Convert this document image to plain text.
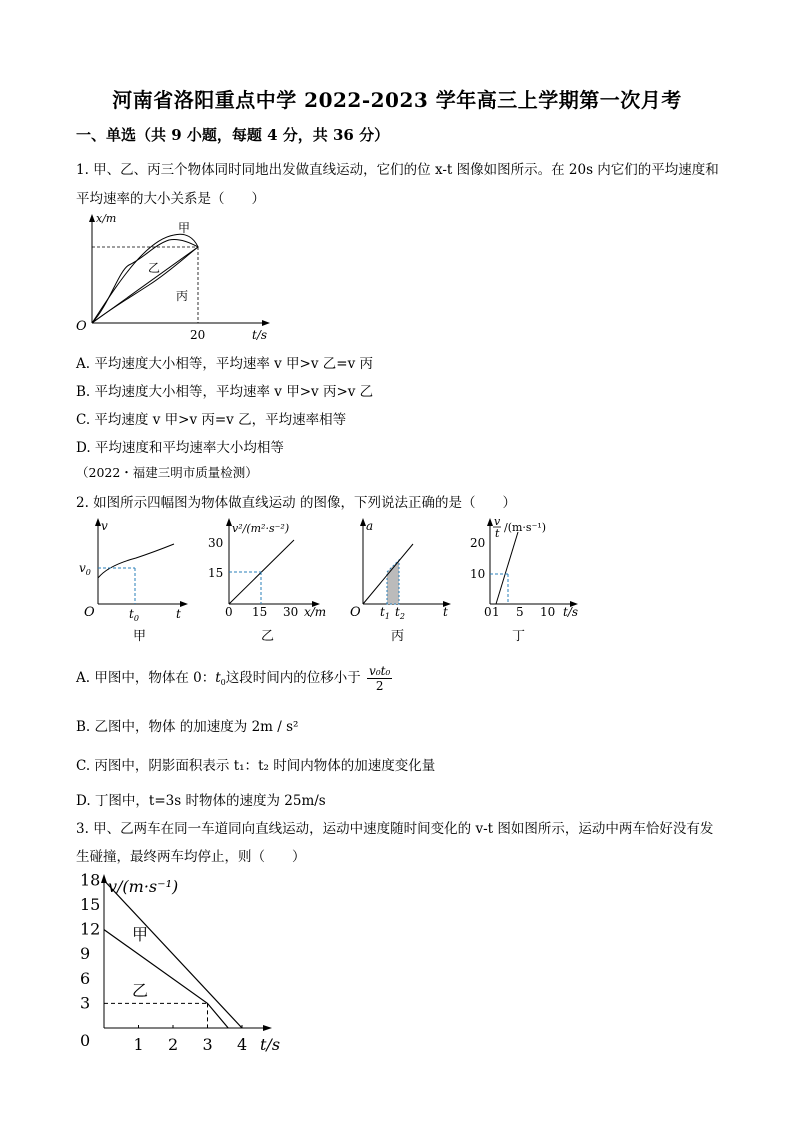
河南省洛阳重点中学 2022-2023 学年高三上学期第一次月考
一、单选（共 9 小题，每题 4 分，共 36 分）
1. 甲、乙、丙三个物体同时同地出发做直线运动，它们的位 x-t 图像如图所示。在 20s 内它们的平均速度和
平均速率的大小关系是（　　）
O
x/m
20	t/s
甲
乙
丙
A. 平均速度大小相等，平均速率 v 甲>v 乙=v 丙
B. 平均速度大小相等，平均速率 v 甲>v 丙>v 乙
C. 平均速度 v 甲>v 丙=v 乙，平均速率相等
D. 平均速度和平均速率大小均相等
（2022・福建三明市质量检测）
2. 如图所示四幅图为物体做直线运动 的图像，下列说法正确的是（　　）
v
$v_0$
O	$t_0$	t
甲
v²/(m²·s⁻²)
30
15
0 15 30 x/m
乙
a
O $t_1$ $t_2$	t
丙
v
t /(m·s⁻¹)
20
10
0 1 5 10 t/s
丁
A. 甲图中，物体在 0：$t_0$这段时间内的位移小于 $\frac{\text{v₀t₀}}{2}$
B. 乙图中，物体 的加速度为 2m / s²
C. 丙图中，阴影面积表示 t₁：t₂ 时间内物体的加速度变化量
D. 丁图中，t=3s 时物体的速度为 25m/s
3. 甲、乙两车在同一车道同向直线运动，运动中速度随时间变化的 v-t 图如图所示，运动中两车恰好没有发
生碰撞，最终两车均停止，则（　　）
v/(m·s⁻¹)
t/s
18
15
12
9
6
3
0	1 2 3 4
甲
乙
